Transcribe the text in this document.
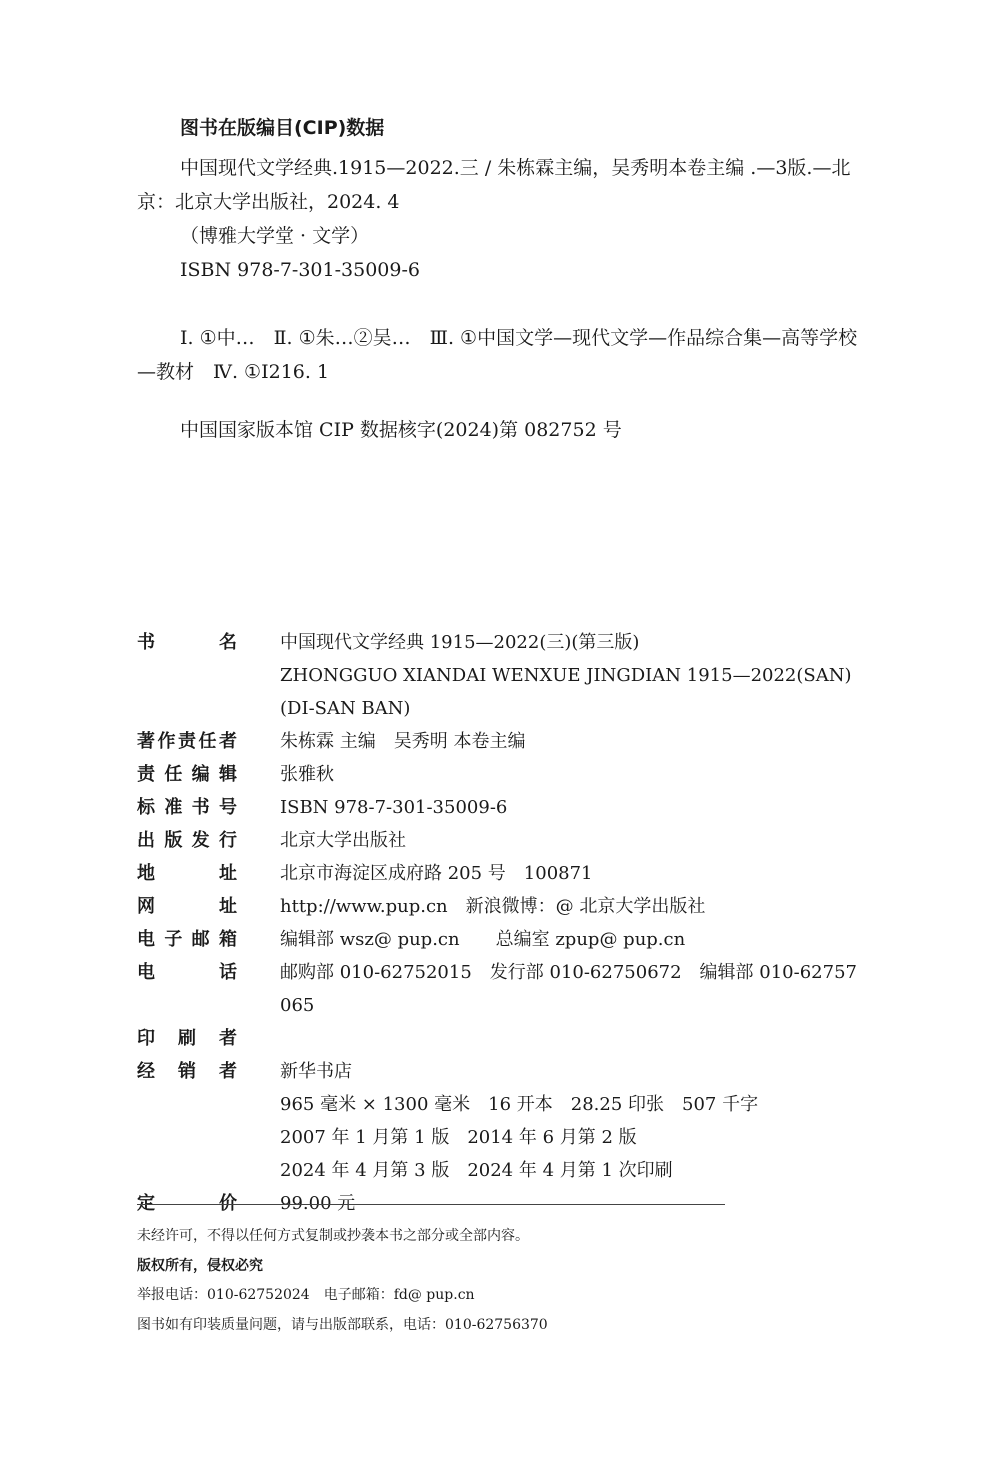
图书在版编目(CIP)数据

中国现代文学经典.1915—2022.三 / 朱栋霖主编，吴秀明本卷主编 .—3版.—北京：北京大学出版社，2024. 4

（博雅大学堂 · 文学）

ISBN 978-7-301-35009-6

Ⅰ. ①中…　Ⅱ. ①朱…②吴…　Ⅲ. ①中国文学—现代文学—作品综合集—高等学校—教材　Ⅳ. ①I216. 1

中国国家版本馆 CIP 数据核字(2024)第 082752 号

书 名 中国现代文学经典 1915—2022(三)(第三版)
ZHONGGUO XIANDAI WENXUE JINGDIAN 1915—2022(SAN)(DI-SAN BAN)
著作责任者 朱栋霖 主编　吴秀明 本卷主编
责任编辑 张雅秋
标准书号 ISBN 978-7-301-35009-6
出版发行 北京大学出版社
地 址 北京市海淀区成府路 205 号　100871
网 址 http://www.pup.cn　新浪微博：@ 北京大学出版社
电子邮箱 编辑部 wsz@ pup.cn　　总编室 zpup@ pup.cn
电 话 邮购部 010-62752015　发行部 010-62750672　编辑部 010-62757065
印刷者
经销者 新华书店
965 毫米 × 1300 毫米　16 开本　28.25 印张　507 千字
2007 年 1 月第 1 版　2014 年 6 月第 2 版
2024 年 4 月第 3 版　2024 年 4 月第 1 次印刷
定 价 99.00 元

未经许可，不得以任何方式复制或抄袭本书之部分或全部内容。

版权所有，侵权必究

举报电话：010-62752024　电子邮箱：fd@ pup.cn

图书如有印装质量问题，请与出版部联系，电话：010-62756370
